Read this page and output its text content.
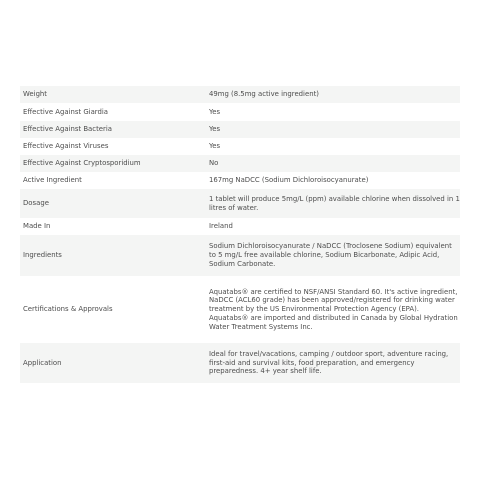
Weight	49mg (8.5mg active ingredient)
Effective Against Giardia	Yes
Effective Against Bacteria	Yes
Effective Against Viruses	Yes
Effective Against Cryptosporidium	No
Active Ingredient	167mg NaDCC (Sodium Dichloroisocyanurate)
Dosage	1 tablet will produce 5mg/L (ppm) available chlorine when dissolved in 1 litres of water.
Made In	Ireland
Ingredients	Sodium Dichloroisocyanurate / NaDCC (Troclosene Sodium) equivalent to 5 mg/L free available chlorine, Sodium Bicarbonate, Adipic Acid, Sodium Carbonate.
Certifications & Approvals	Aquatabs® are certified to NSF/ANSI Standard 60. It's active ingredient, NaDCC (ACL60 grade) has been approved/registered for drinking water treatment by the US Environmental Protection Agency (EPA). Aquatabs® are imported and distributed in Canada by Global Hydration Water Treatment Systems Inc.
Application	Ideal for travel/vacations, camping / outdoor sport, adventure racing, first-aid and survival kits, food preparation, and emergency preparedness. 4+ year shelf life.
